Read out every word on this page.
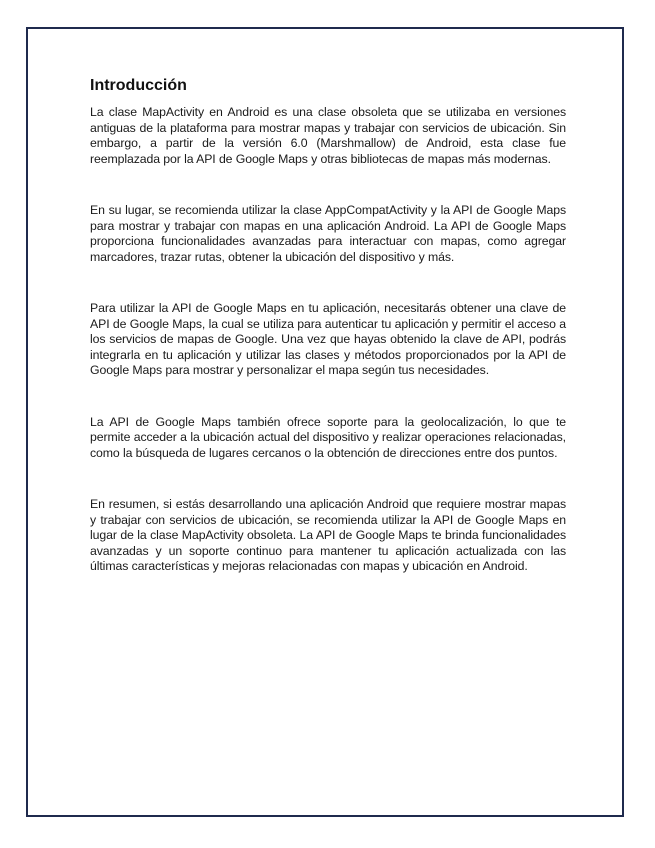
Introducción

La clase MapActivity en Android es una clase obsoleta que se utilizaba en versiones antiguas de la plataforma para mostrar mapas y trabajar con servicios de ubicación. Sin embargo, a partir de la versión 6.0 (Marshmallow) de Android, esta clase fue reemplazada por la API de Google Maps y otras bibliotecas de mapas más modernas.

En su lugar, se recomienda utilizar la clase AppCompatActivity y la API de Google Maps para mostrar y trabajar con mapas en una aplicación Android. La API de Google Maps proporciona funcionalidades avanzadas para interactuar con mapas, como agregar marcadores, trazar rutas, obtener la ubicación del dispositivo y más.

Para utilizar la API de Google Maps en tu aplicación, necesitarás obtener una clave de API de Google Maps, la cual se utiliza para autenticar tu aplicación y permitir el acceso a los servicios de mapas de Google. Una vez que hayas obtenido la clave de API, podrás integrarla en tu aplicación y utilizar las clases y métodos proporcionados por la API de Google Maps para mostrar y personalizar el mapa según tus necesidades.

La API de Google Maps también ofrece soporte para la geolocalización, lo que te permite acceder a la ubicación actual del dispositivo y realizar operaciones relacionadas, como la búsqueda de lugares cercanos o la obtención de direcciones entre dos puntos.

En resumen, si estás desarrollando una aplicación Android que requiere mostrar mapas y trabajar con servicios de ubicación, se recomienda utilizar la API de Google Maps en lugar de la clase MapActivity obsoleta. La API de Google Maps te brinda funcionalidades avanzadas y un soporte continuo para mantener tu aplicación actualizada con las últimas características y mejoras relacionadas con mapas y ubicación en Android.
